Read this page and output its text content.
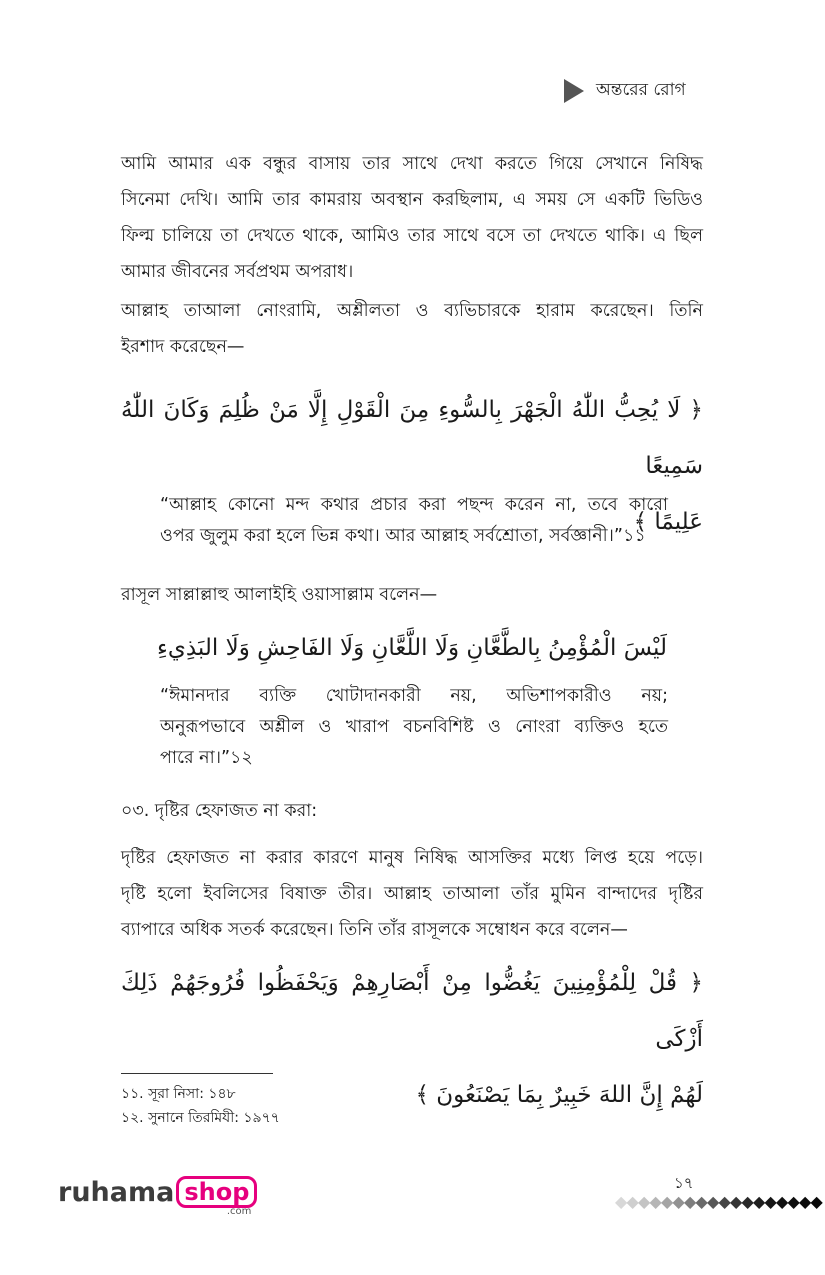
অন্তরের রোগ
আমি আমার এক বন্ধুর বাসায় তার সাথে দেখা করতে গিয়ে সেখানে নিষিদ্ধ
সিনেমা দেখি। আমি তার কামরায় অবস্থান করছিলাম, এ সময় সে একটি ভিডিও
ফিল্ম চালিয়ে তা দেখতে থাকে, আমিও তার সাথে বসে তা দেখতে থাকি। এ ছিল
আমার জীবনের সর্বপ্রথম অপরাধ।
আল্লাহ তাআলা নোংরামি, অশ্লীলতা ও ব্যভিচারকে হারাম করেছেন। তিনি
ইরশাদ করেছেন—
﴿ لَا يُحِبُّ اللّٰهُ الْجَهْرَ بِالسُّوءِ مِنَ الْقَوْلِ إِلَّا مَنْ ظُلِمَ وَكَانَ اللّٰهُ سَمِيعًا
عَلِيمًا ﴾
“আল্লাহ কোনো মন্দ কথার প্রচার করা পছন্দ করেন না, তবে কারো
ওপর জুলুম করা হলে ভিন্ন কথা। আর আল্লাহ সর্বশ্রোতা, সর্বজ্ঞানী।”১১
রাসূল সাল্লাল্লাহু আলাইহি ওয়াসাল্লাম বলেন—
لَيْسَ الْمُؤْمِنُ بِالطَّعَّانِ وَلَا اللَّعَّانِ وَلَا الفَاحِشِ وَلَا البَذِيءِ
“ঈমানদার ব্যক্তি খোটাদানকারী নয়, অভিশাপকারীও নয়;
অনুরূপভাবে অশ্লীল ও খারাপ বচনবিশিষ্ট ও নোংরা ব্যক্তিও হতে
পারে না।”১২
০৩. দৃষ্টির হেফাজত না করা:
দৃষ্টির হেফাজত না করার কারণে মানুষ নিষিদ্ধ আসক্তির মধ্যে লিপ্ত হয়ে পড়ে।
দৃষ্টি হলো ইবলিসের বিষাক্ত তীর। আল্লাহ তাআলা তাঁর মুমিন বান্দাদের দৃষ্টির
ব্যাপারে অধিক সতর্ক করেছেন। তিনি তাঁর রাসূলকে সম্বোধন করে বলেন—
﴿ قُلْ لِلْمُؤْمِنِينَ يَغُضُّوا مِنْ أَبْصَارِهِمْ وَيَحْفَظُوا فُرُوجَهُمْ ذَلِكَ أَزْكَى
لَهُمْ إِنَّ اللهَ خَبِيرٌ بِمَا يَصْنَعُونَ ﴾
১১. সূরা নিসা: ১৪৮
১২. সুনানে তিরমিযী: ১৯৭৭
১৭
◆◆◆◆◆◆◆◆◆◆◆◆◆◆◆◆◆◆
ruhama shop
.com
